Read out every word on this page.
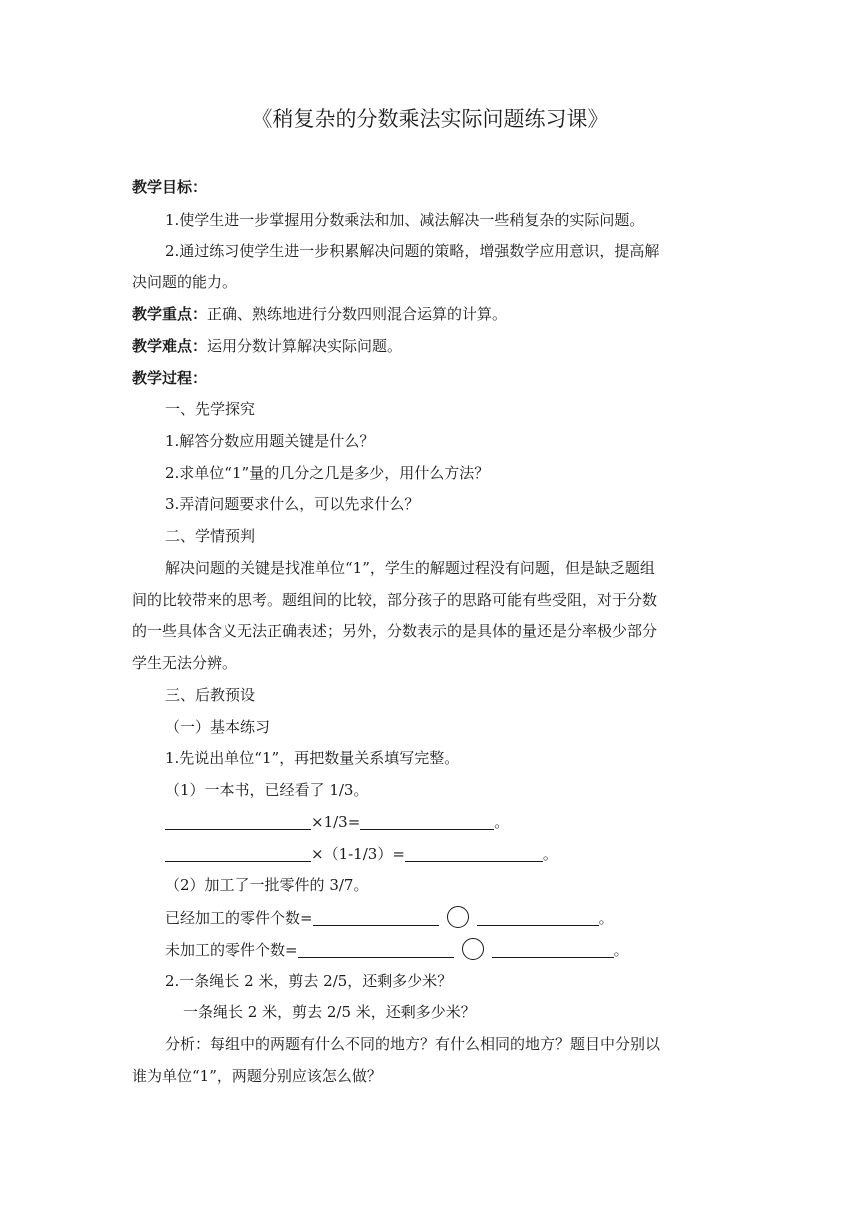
《稍复杂的分数乘法实际问题练习课》
教学目标：
1.使学生进一步掌握用分数乘法和加、减法解决一些稍复杂的实际问题。
2.通过练习使学生进一步积累解决问题的策略，增强数学应用意识，提高解
决问题的能力。
教学重点：正确、熟练地进行分数四则混合运算的计算。
教学难点：运用分数计算解决实际问题。
教学过程：
一、先学探究
1.解答分数应用题关键是什么？
2.求单位“1”量的几分之几是多少，用什么方法？
3.弄清问题要求什么，可以先求什么？
二、学情预判
解决问题的关键是找准单位“1”，学生的解题过程没有问题，但是缺乏题组
间的比较带来的思考。题组间的比较，部分孩子的思路可能有些受阻，对于分数
的一些具体含义无法正确表述；另外，分数表示的是具体的量还是分率极少部分
学生无法分辨。
三、后教预设
（一）基本练习
1.先说出单位“1”，再把数量关系填写完整。
（1）一本书，已经看了 1/3。
×1/3=	。
×（1-1/3）=	。
（2）加工了一批零件的 3/7。
已经加工的零件个数=	。
未加工的零件个数=	。
2.一条绳长 2 米，剪去 2/5，还剩多少米？
一条绳长 2 米，剪去 2/5 米，还剩多少米？
分析：每组中的两题有什么不同的地方？有什么相同的地方？题目中分别以
谁为单位“1”，两题分别应该怎么做？
